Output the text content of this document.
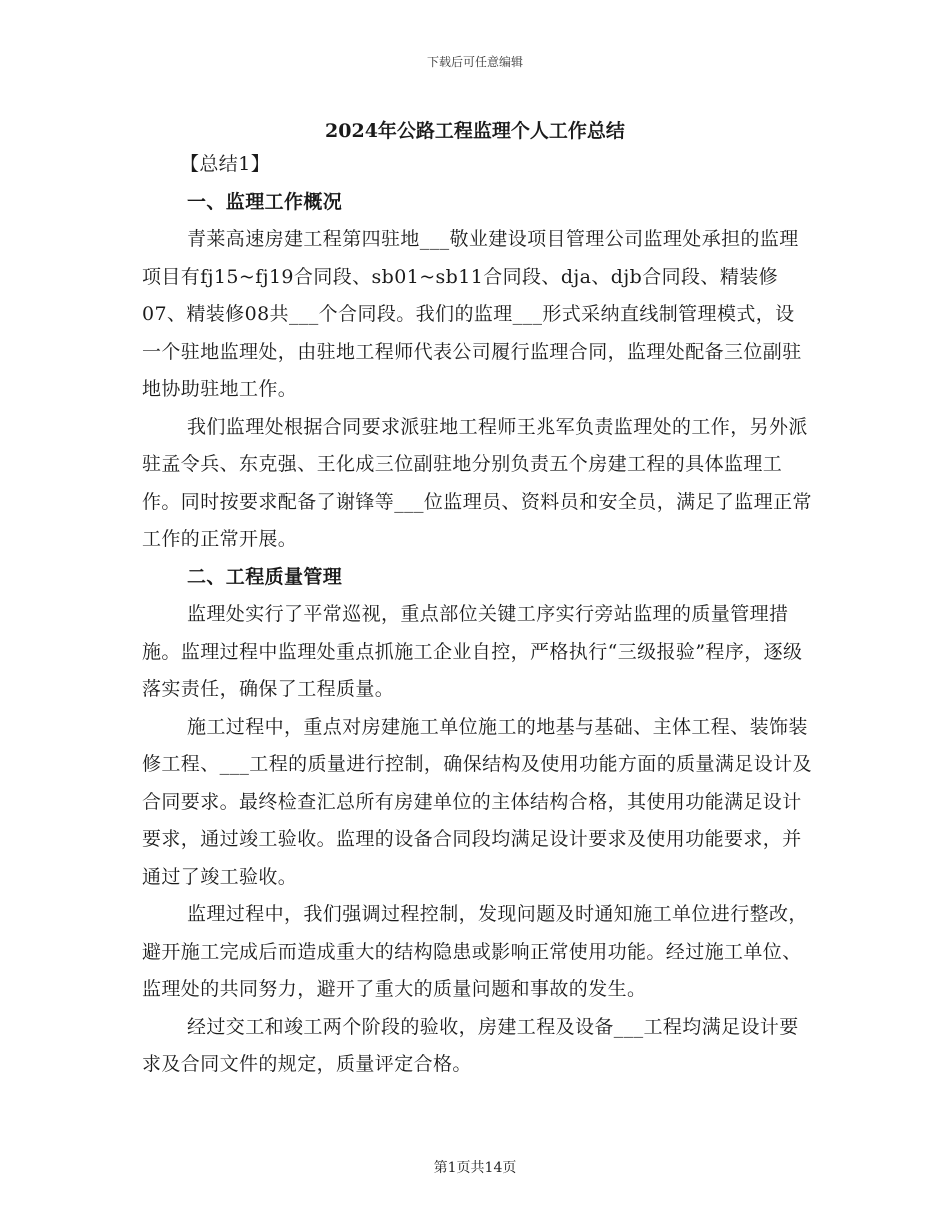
下载后可任意编辑
2024年公路工程监理个人工作总结

【总结1】

一、监理工作概况

青莱高速房建工程第四驻地___敬业建设项目管理公司监理处承担的监理项目有fj15~fj19合同段、sb01~sb11合同段、dja、djb合同段、精装修07、精装修08共___个合同段。我们的监理___形式采纳直线制管理模式，设一个驻地监理处，由驻地工程师代表公司履行监理合同，监理处配备三位副驻地协助驻地工作。

我们监理处根据合同要求派驻地工程师王兆军负责监理处的工作，另外派驻孟令兵、东克强、王化成三位副驻地分别负责五个房建工程的具体监理工作。同时按要求配备了谢锋等___位监理员、资料员和安全员，满足了监理正常工作的正常开展。

二、工程质量管理

监理处实行了平常巡视，重点部位关键工序实行旁站监理的质量管理措施。监理过程中监理处重点抓施工企业自控，严格执行“三级报验”程序，逐级落实责任，确保了工程质量。

施工过程中，重点对房建施工单位施工的地基与基础、主体工程、装饰装修工程、___工程的质量进行控制，确保结构及使用功能方面的质量满足设计及合同要求。最终检查汇总所有房建单位的主体结构合格，其使用功能满足设计要求，通过竣工验收。监理的设备合同段均满足设计要求及使用功能要求，并通过了竣工验收。

监理过程中，我们强调过程控制，发现问题及时通知施工单位进行整改，避开施工完成后而造成重大的结构隐患或影响正常使用功能。经过施工单位、监理处的共同努力，避开了重大的质量问题和事故的发生。

经过交工和竣工两个阶段的验收，房建工程及设备___工程均满足设计要求及合同文件的规定，质量评定合格。

第1页共14页
